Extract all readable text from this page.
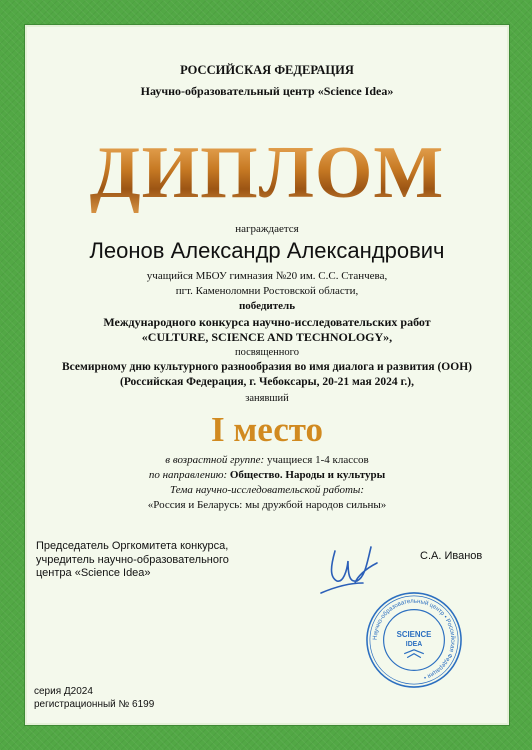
РОССИЙСКАЯ ФЕДЕРАЦИЯ
Научно-образовательный центр «Science Idea»
ДИПЛОМ
награждается
Леонов Александр Александрович
учащийся МБОУ гимназия №20 им. С.С. Станчева,
пгт. Каменоломни Ростовской области,
победитель
Международного конкурса научно-исследовательских работ
«CULTURE, SCIENCE AND TECHNOLOGY»,
посвященного
Всемирному дню культурного разнообразия во имя диалога и развития (ООН)
(Российская Федерация, г. Чебоксары, 20-21 мая 2024 г.),
занявший
I место
в возрастной группе: учащиеся 1-4 классов
по направлению: Общество. Народы и культуры
Тема научно-исследовательской работы:
«Россия и Беларусь: мы дружбой народов сильны»
Председатель Оргкомитета конкурса,
учредитель научно-образовательного
центра «Science Idea»
С.А. Иванов
Научно-образовательный центр • Российская Федерация •
SCIENCE
IDEA
серия Д2024
регистрационный № 6199
